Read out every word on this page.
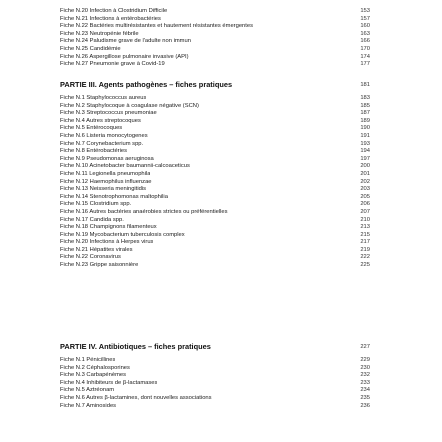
Fiche N.20 Infection à Clostridium Difficile	153
Fiche N.21 Infections à entérobactéries	157
Fiche N.22 Bactéries multirésistantes et hautement résistantes émergentes	160
Fiche N.23 Neutropénie fébrile	163
Fiche N.24 Paludisme grave de l'adulte non immun	166
Fiche N.25 Candidémie	170
Fiche N.26 Aspergillose pulmonaire invasive (API)	174
Fiche N.27 Pneumonie grave à Covid-19	177
PARTIE III. Agents pathogènes – fiches pratiques	181
Fiche N.1 Staphylococcus aureus	183
Fiche N.2 Staphylocoque à coagulase négative (SCN)	185
Fiche N.3 Streptococcus pneumoniae	187
Fiche N.4 Autres streptocoques	189
Fiche N.5 Entérocoques	190
Fiche N.6 Listeria monocytogenes	191
Fiche N.7 Corynebacterium spp.	193
Fiche N.8 Entérobactéries	194
Fiche N.9 Pseudomonas aeruginosa	197
Fiche N.10 Acinetobacter baumannii-calcoaceticus	200
Fiche N.11 Legionella pneumophila	201
Fiche N.12 Haemophilus influenzae	202
Fiche N.13 Neisseria meningitidis	203
Fiche N.14 Stenotrophomonas maltophilia	205
Fiche N.15 Clostridium spp.	206
Fiche N.16 Autres bactéries anaérobies strictes ou préférentielles	207
Fiche N.17 Candida spp.	210
Fiche N.18 Champignons filamenteux	213
Fiche N.19 Mycobacterium tuberculosis complex	215
Fiche N.20 Infections à Herpes virus	217
Fiche N.21 Hépatites virales	219
Fiche N.22 Coronavirus	222
Fiche N.23 Grippe saisonnière	225
PARTIE IV. Antibiotiques – fiches pratiques	227
Fiche N.1 Pénicillines	229
Fiche N.2 Céphalosporines	230
Fiche N.3 Carbapénèmes	232
Fiche N.4 Inhibiteurs de β-lactamases	233
Fiche N.5 Aztréonam	234
Fiche N.6 Autres β-lactamines, dont nouvelles associations	235
Fiche N.7 Aminosides	236
